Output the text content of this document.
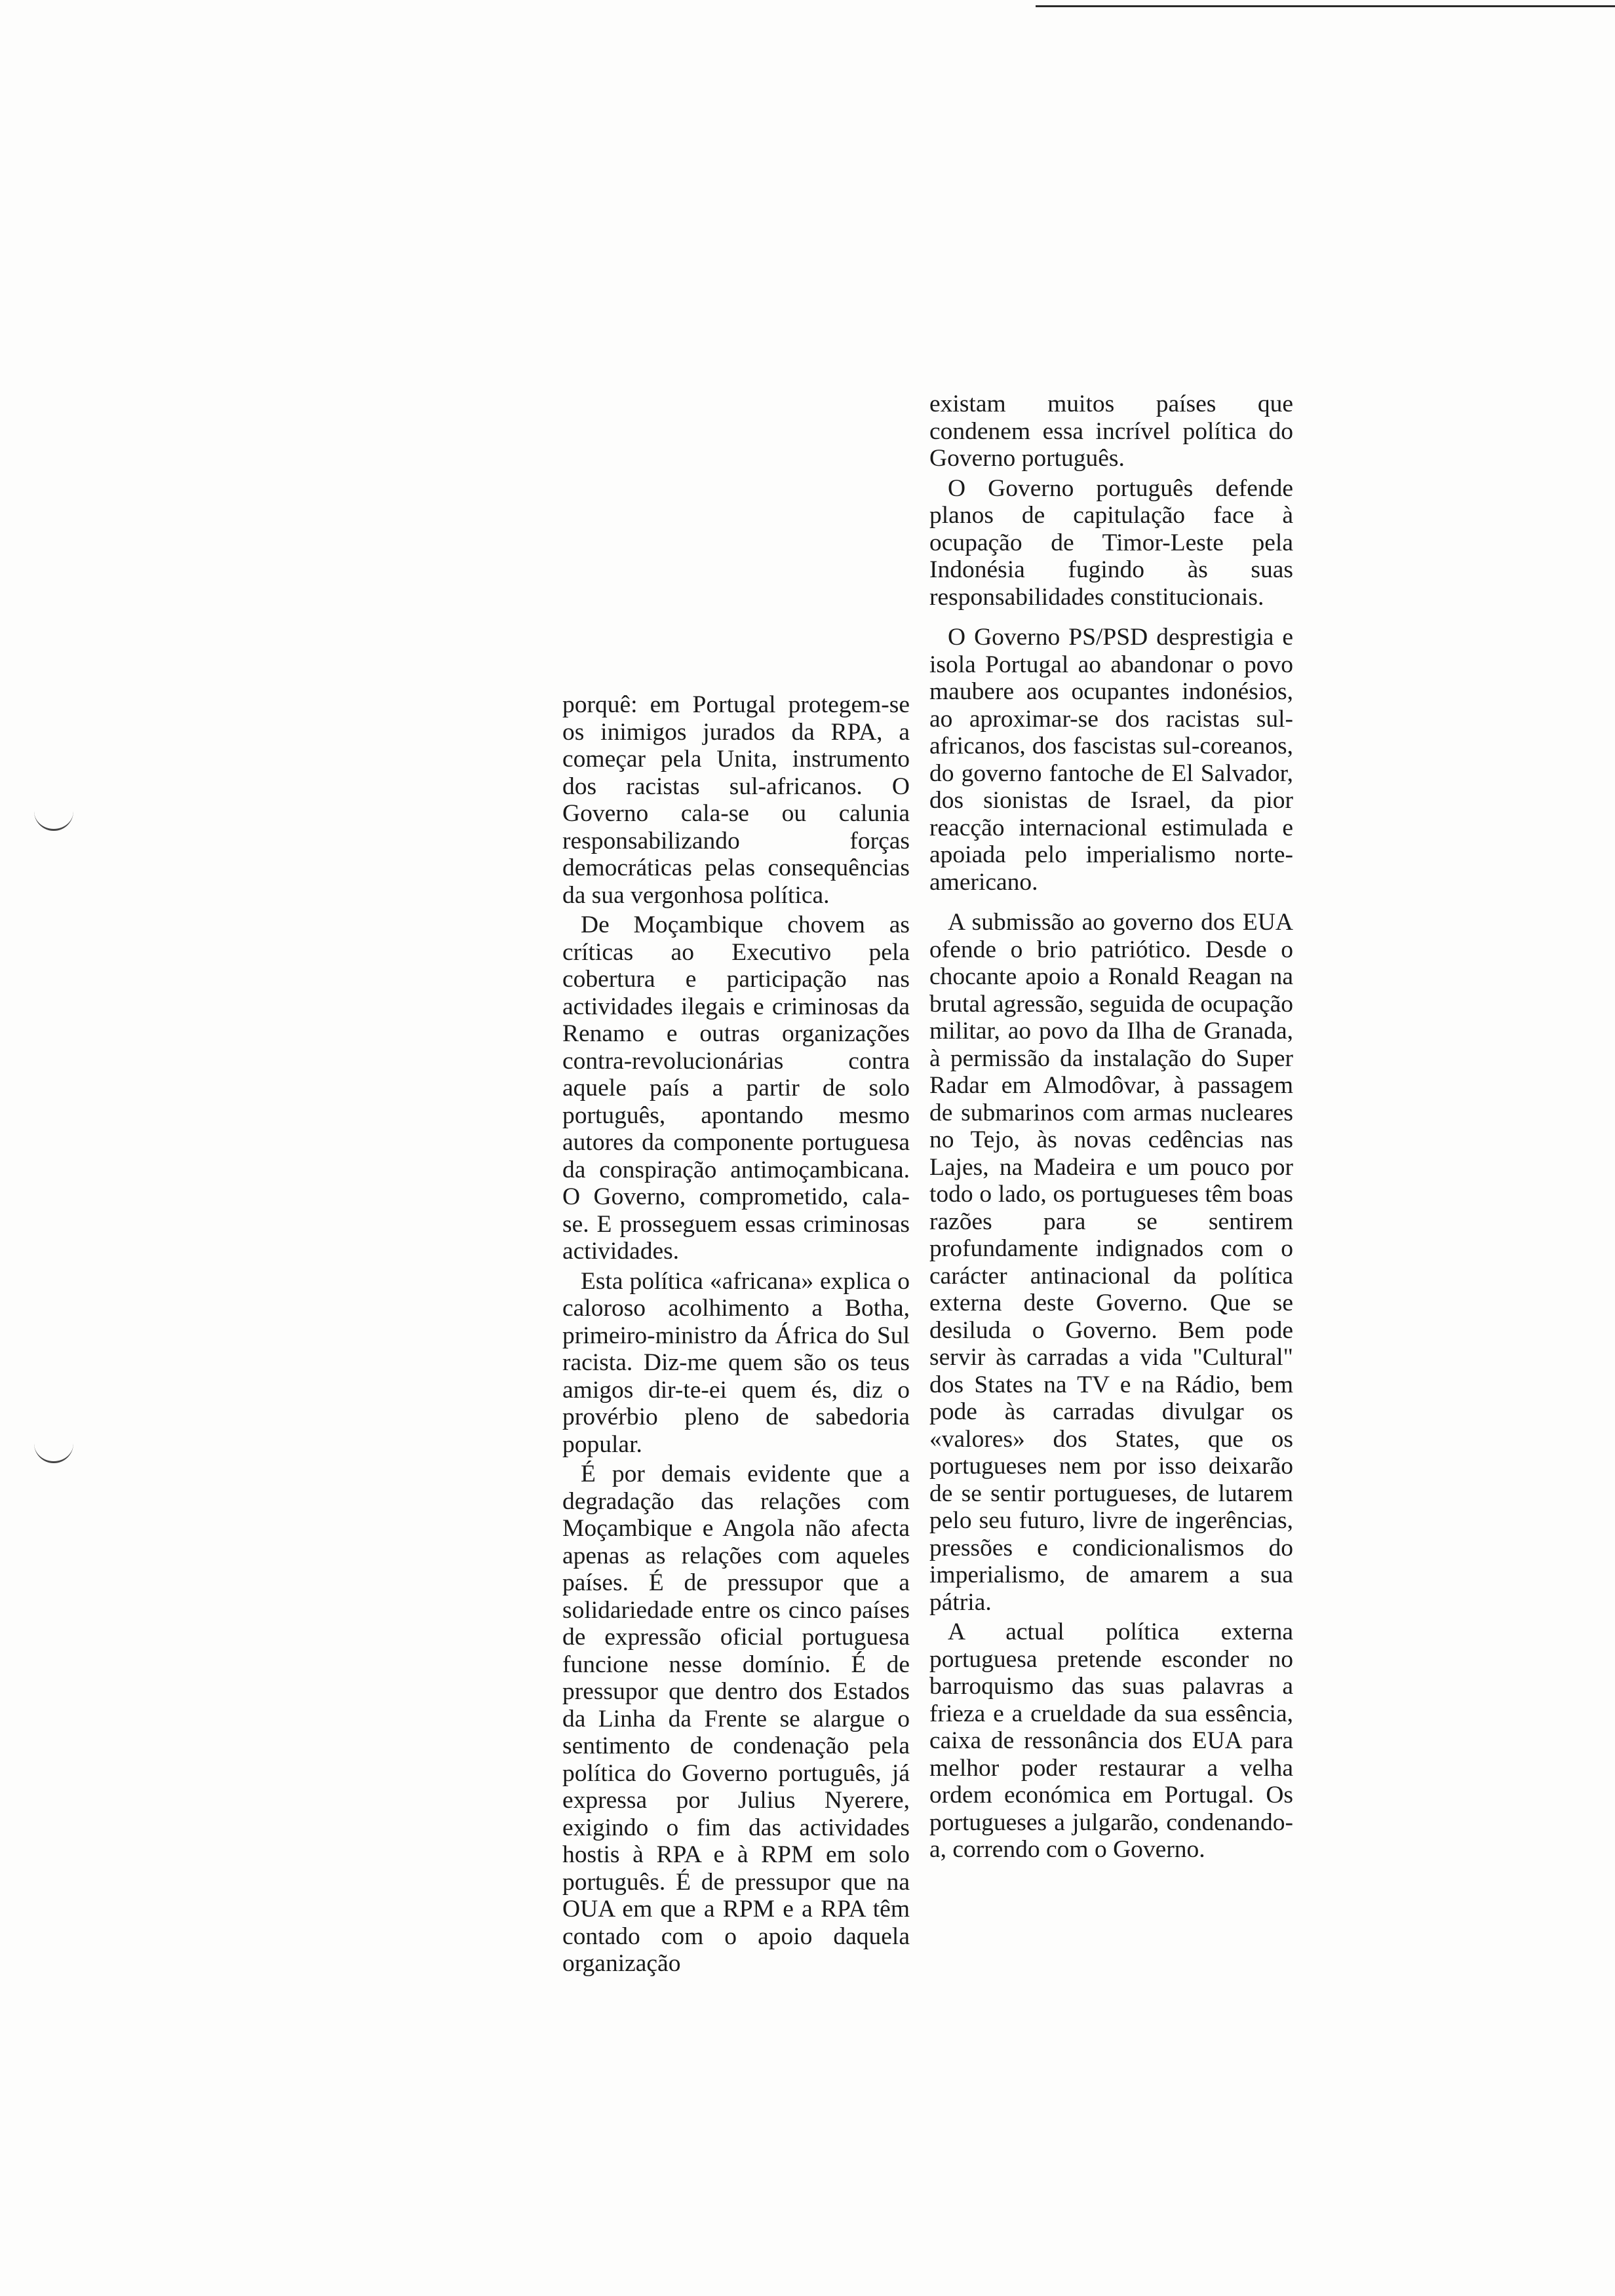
porquê: em Portugal protegem-se os inimigos jurados da RPA, a começar pela Unita, instrumento dos racistas sul-africanos. O Governo cala-se ou calunia responsabilizando forças democráticas pelas consequências da sua vergonhosa política.

De Moçambique chovem as críticas ao Executivo pela cobertura e participação nas actividades ilegais e criminosas da Renamo e outras organizações contra-revolucionárias contra aquele país a partir de solo português, apontando mesmo autores da componente portuguesa da conspiração antimoçambicana. O Governo, comprometido, cala-se. E prosseguem essas criminosas actividades.

Esta política «africana» explica o caloroso acolhimento a Botha, primeiro-ministro da África do Sul racista. Diz-me quem são os teus amigos dir-te-ei quem és, diz o provérbio pleno de sabedoria popular.

É por demais evidente que a degradação das relações com Moçambique e Angola não afecta apenas as relações com aqueles países. É de pressupor que a solidariedade entre os cinco países de expressão oficial portuguesa funcione nesse domínio. É de pressupor que dentro dos Estados da Linha da Frente se alargue o sentimento de condenação pela política do Governo português, já expressa por Julius Nyerere, exigindo o fim das actividades hostis à RPA e à RPM em solo português. É de pressupor que na OUA em que a RPM e a RPA têm contado com o apoio daquela organização

existam muitos países que condenem essa incrível política do Governo português.

O Governo português defende planos de capitulação face à ocupação de Timor-Leste pela Indonésia fugindo às suas responsabilidades constitucionais.

O Governo PS/PSD desprestigia e isola Portugal ao abandonar o povo maubere aos ocupantes indonésios, ao aproximar-se dos racistas sul-africanos, dos fascistas sul-coreanos, do governo fantoche de El Salvador, dos sionistas de Israel, da pior reacção internacional estimulada e apoiada pelo imperialismo norte-americano.

A submissão ao governo dos EUA ofende o brio patriótico. Desde o chocante apoio a Ronald Reagan na brutal agressão, seguida de ocupação militar, ao povo da Ilha de Granada, à permissão da instalação do Super Radar em Almodôvar, à passagem de submarinos com armas nucleares no Tejo, às novas cedências nas Lajes, na Madeira e um pouco por todo o lado, os portugueses têm boas razões para se sentirem profundamente indignados com o carácter antinacional da política externa deste Governo. Que se desiluda o Governo. Bem pode servir às carradas a vida "Cultural" dos States na TV e na Rádio, bem pode às carradas divulgar os «valores» dos States, que os portugueses nem por isso deixarão de se sentir portugueses, de lutarem pelo seu futuro, livre de ingerências, pressões e condicionalismos do imperialismo, de amarem a sua pátria.

A actual política externa portuguesa pretende esconder no barroquismo das suas palavras a frieza e a crueldade da sua essência, caixa de ressonância dos EUA para melhor poder restaurar a velha ordem económica em Portugal. Os portugueses a julgarão, condenando-a, correndo com o Governo.
